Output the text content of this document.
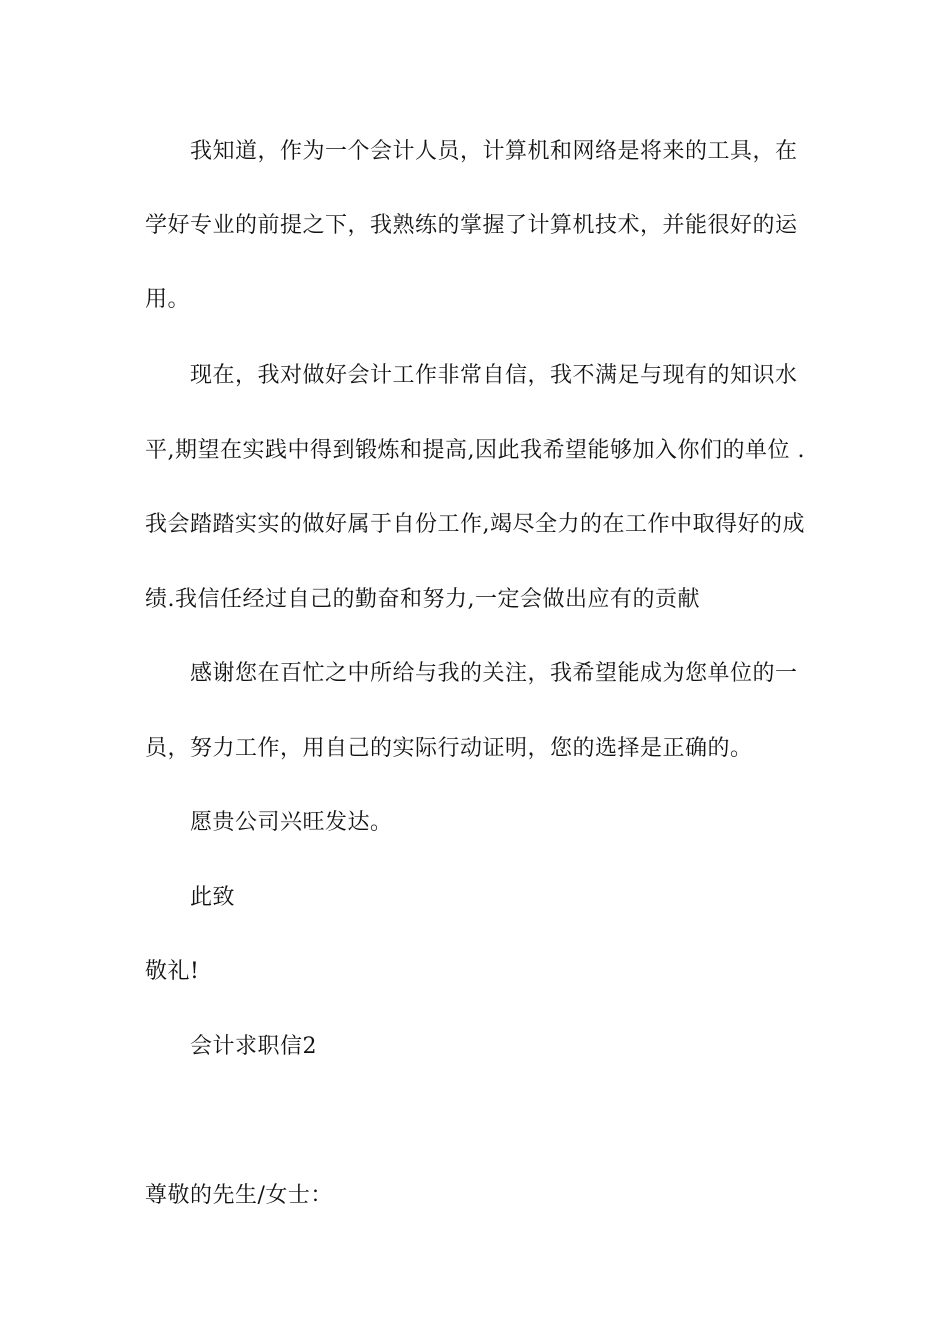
我知道，作为一个会计人员，计算机和网络是将来的工具，在
学好专业的前提之下，我熟练的掌握了计算机技术，并能很好的运
用。
现在，我对做好会计工作非常自信，我不满足与现有的知识水
平,期望在实践中得到锻炼和提高,因此我希望能够加入你们的单位 .
我会踏踏实实的做好属于自份工作,竭尽全力的在工作中取得好的成
绩.我信任经过自己的勤奋和努力,一定会做出应有的贡献
感谢您在百忙之中所给与我的关注，我希望能成为您单位的一
员，努力工作，用自己的实际行动证明，您的选择是正确的。
愿贵公司兴旺发达。
此致
敬礼!
会计求职信2
尊敬的先生/女士：
